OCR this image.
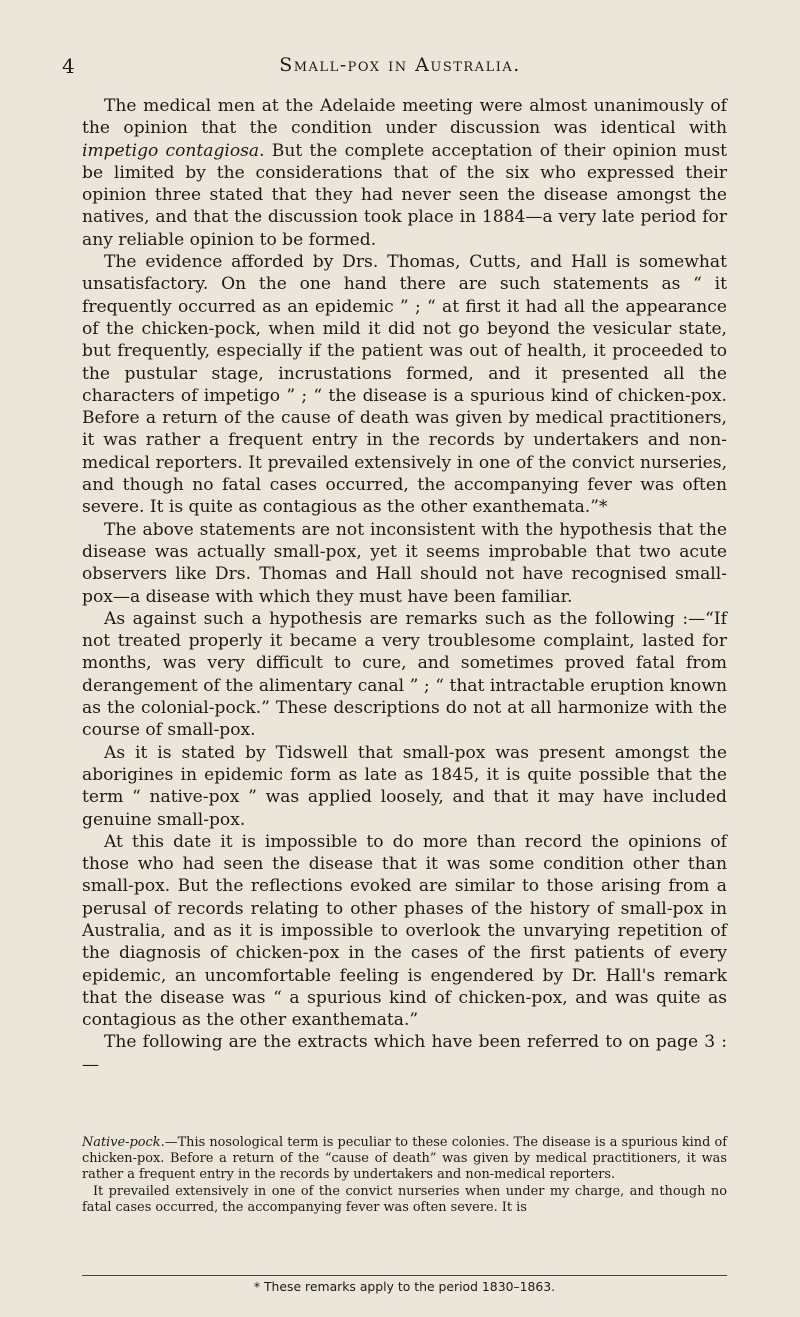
4	Small-pox in Australia.

The medical men at the Adelaide meeting were almost unanimously of the opinion that the condition under discussion was identical with impetigo contagiosa. But the complete acceptation of their opinion must be limited by the considerations that of the six who expressed their opinion three stated that they had never seen the disease amongst the natives, and that the discussion took place in 1884—a very late period for any reliable opinion to be formed.

The evidence afforded by Drs. Thomas, Cutts, and Hall is somewhat unsatisfactory. On the one hand there are such statements as “ it frequently occurred as an epidemic ” ; “ at first it had all the appearance of the chicken-pock, when mild it did not go beyond the vesicular state, but frequently, especially if the patient was out of health, it proceeded to the pustular stage, incrustations formed, and it presented all the characters of impetigo ” ; “ the disease is a spurious kind of chicken-pox. Before a return of the cause of death was given by medical practitioners, it was rather a frequent entry in the records by undertakers and non-medical reporters. It prevailed extensively in one of the convict nurseries, and though no fatal cases occurred, the accompanying fever was often severe. It is quite as contagious as the other exanthemata.”*

The above statements are not inconsistent with the hypothesis that the disease was actually small-pox, yet it seems improbable that two acute observers like Drs. Thomas and Hall should not have recognised small-pox—a disease with which they must have been familiar.

As against such a hypothesis are remarks such as the following :—“If not treated properly it became a very troublesome complaint, lasted for months, was very difficult to cure, and sometimes proved fatal from derangement of the alimentary canal ” ; “ that intractable eruption known as the colonial-pock.” These descriptions do not at all harmonize with the course of small-pox.

As it is stated by Tidswell that small-pox was present amongst the aborigines in epidemic form as late as 1845, it is quite possible that the term “ native-pox ” was applied loosely, and that it may have included genuine small-pox.

At this date it is impossible to do more than record the opinions of those who had seen the disease that it was some condition other than small-pox. But the reflections evoked are similar to those arising from a perusal of records relating to other phases of the history of small-pox in Australia, and as it is impossible to overlook the unvarying repetition of the diagnosis of chicken-pox in the cases of the first patients of every epidemic, an uncomfortable feeling is engendered by Dr. Hall's remark that the disease was “ a spurious kind of chicken-pox, and was quite as contagious as the other exanthemata.”

The following are the extracts which have been referred to on page 3 :—

Native-pock.—This nosological term is peculiar to these colonies. The disease is a spurious kind of chicken-pox. Before a return of the “cause of death” was given by medical practitioners, it was rather a frequent entry in the records by undertakers and non-medical reporters.

It prevailed extensively in one of the convict nurseries when under my charge, and though no fatal cases occurred, the accompanying fever was often severe. It is

* These remarks apply to the period 1830–1863.
